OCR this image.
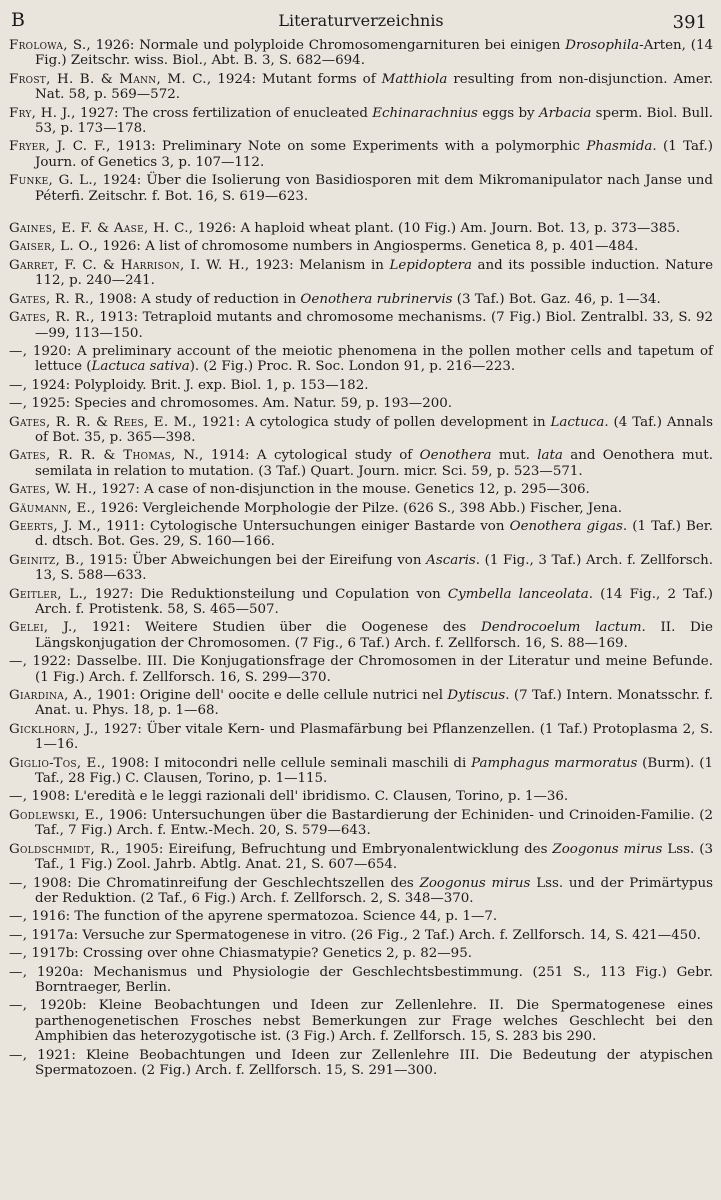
B	Literaturverzeichnis	391
Frolowa, S., 1926: Normale und polyploide Chromosomengarnituren bei einigen Drosophila-Arten, (14 Fig.) Zeitschr. wiss. Biol., Abt. B. 3, S. 682—694.
Frost, H. B. & Mann, M. C., 1924: Mutant forms of Matthiola resulting from non-disjunction. Amer. Nat. 58, p. 569—572.
Fry, H. J., 1927: The cross fertilization of enucleated Echinarachnius eggs by Arbacia sperm. Biol. Bull. 53, p. 173—178.
Fryer, J. C. F., 1913: Preliminary Note on some Experiments with a polymorphic Phasmida. (1 Taf.) Journ. of Genetics 3, p. 107—112.
Funke, G. L., 1924: Über die Isolierung von Basidiosporen mit dem Mikromanipulator nach Janse und Péterfi. Zeitschr. f. Bot. 16, S. 619—623.
Gaines, E. F. & Aase, H. C., 1926: A haploid wheat plant. (10 Fig.) Am. Journ. Bot. 13, p. 373—385.
Gaiser, L. O., 1926: A list of chromosome numbers in Angiosperms. Genetica 8, p. 401—484.
Garret, F. C. & Harrison, I. W. H., 1923: Melanism in Lepidoptera and its possible induction. Nature 112, p. 240—241.
Gates, R. R., 1908: A study of reduction in Oenothera rubrinervis (3 Taf.) Bot. Gaz. 46, p. 1—34.
Gates, R. R., 1913: Tetraploid mutants and chromosome mechanisms. (7 Fig.) Biol. Zentralbl. 33, S. 92—99, 113—150.
—, 1920: A preliminary account of the meiotic phenomena in the pollen mother cells and tapetum of lettuce (Lactuca sativa). (2 Fig.) Proc. R. Soc. London 91, p. 216—223.
—, 1924: Polyploidy. Brit. J. exp. Biol. 1, p. 153—182.
—, 1925: Species and chromosomes. Am. Natur. 59, p. 193—200.
Gates, R. R. & Rees, E. M., 1921: A cytologica study of pollen development in Lactuca. (4 Taf.) Annals of Bot. 35, p. 365—398.
Gates, R. R. & Thomas, N., 1914: A cytological study of Oenothera mut. lata and Oenothera mut. semilata in relation to mutation. (3 Taf.) Quart. Journ. micr. Sci. 59, p. 523—571.
Gates, W. H., 1927: A case of non-disjunction in the mouse. Genetics 12, p. 295—306.
Gäumann, E., 1926: Vergleichende Morphologie der Pilze. (626 S., 398 Abb.) Fischer, Jena.
Geerts, J. M., 1911: Cytologische Untersuchungen einiger Bastarde von Oenothera gigas. (1 Taf.) Ber. d. dtsch. Bot. Ges. 29, S. 160—166.
Geinitz, B., 1915: Über Abweichungen bei der Eireifung von Ascaris. (1 Fig., 3 Taf.) Arch. f. Zellforsch. 13, S. 588—633.
Geitler, L., 1927: Die Reduktionsteilung und Copulation von Cymbella lanceolata. (14 Fig., 2 Taf.) Arch. f. Protistenk. 58, S. 465—507.
Gelei, J., 1921: Weitere Studien über die Oogenese des Dendrocoelum lactum. II. Die Längskonjugation der Chromosomen. (7 Fig., 6 Taf.) Arch. f. Zellforsch. 16, S. 88—169.
—, 1922: Dasselbe. III. Die Konjugationsfrage der Chromosomen in der Literatur und meine Befunde. (1 Fig.) Arch. f. Zellforsch. 16, S. 299—370.
Giardina, A., 1901: Origine dell' oocite e delle cellule nutrici nel Dytiscus. (7 Taf.) Intern. Monatsschr. f. Anat. u. Phys. 18, p. 1—68.
Gicklhorn, J., 1927: Über vitale Kern- und Plasmafärbung bei Pflanzenzellen. (1 Taf.) Protoplasma 2, S. 1—16.
Giglio-Tos, E., 1908: I mitocondri nelle cellule seminali maschili di Pamphagus marmoratus (Burm). (1 Taf., 28 Fig.) C. Clausen, Torino, p. 1—115.
—, 1908: L'eredità e le leggi razionali dell' ibridismo. C. Clausen, Torino, p. 1—36.
Godlewski, E., 1906: Untersuchungen über die Bastardierung der Echiniden- und Crinoiden-Familie. (2 Taf., 7 Fig.) Arch. f. Entw.-Mech. 20, S. 579—643.
Goldschmidt, R., 1905: Eireifung, Befruchtung und Embryonalentwicklung des Zoogonus mirus Lss. (3 Taf., 1 Fig.) Zool. Jahrb. Abtlg. Anat. 21, S. 607—654.
—, 1908: Die Chromatinreifung der Geschlechtszellen des Zoogonus mirus Lss. und der Primärtypus der Reduktion. (2 Taf., 6 Fig.) Arch. f. Zellforsch. 2, S. 348—370.
—, 1916: The function of the apyrene spermatozoa. Science 44, p. 1—7.
—, 1917a: Versuche zur Spermatogenese in vitro. (26 Fig., 2 Taf.) Arch. f. Zellforsch. 14, S. 421—450.
—, 1917b: Crossing over ohne Chiasmatypie? Genetics 2, p. 82—95.
—, 1920a: Mechanismus und Physiologie der Geschlechtsbestimmung. (251 S., 113 Fig.) Gebr. Borntraeger, Berlin.
—, 1920b: Kleine Beobachtungen und Ideen zur Zellenlehre. II. Die Spermatogenese eines parthenogenetischen Frosches nebst Bemerkungen zur Frage welches Geschlecht bei den Amphibien das heterozygotische ist. (3 Fig.) Arch. f. Zellforsch. 15, S. 283 bis 290.
—, 1921: Kleine Beobachtungen und Ideen zur Zellenlehre III. Die Bedeutung der atypischen Spermatozoen. (2 Fig.) Arch. f. Zellforsch. 15, S. 291—300.
